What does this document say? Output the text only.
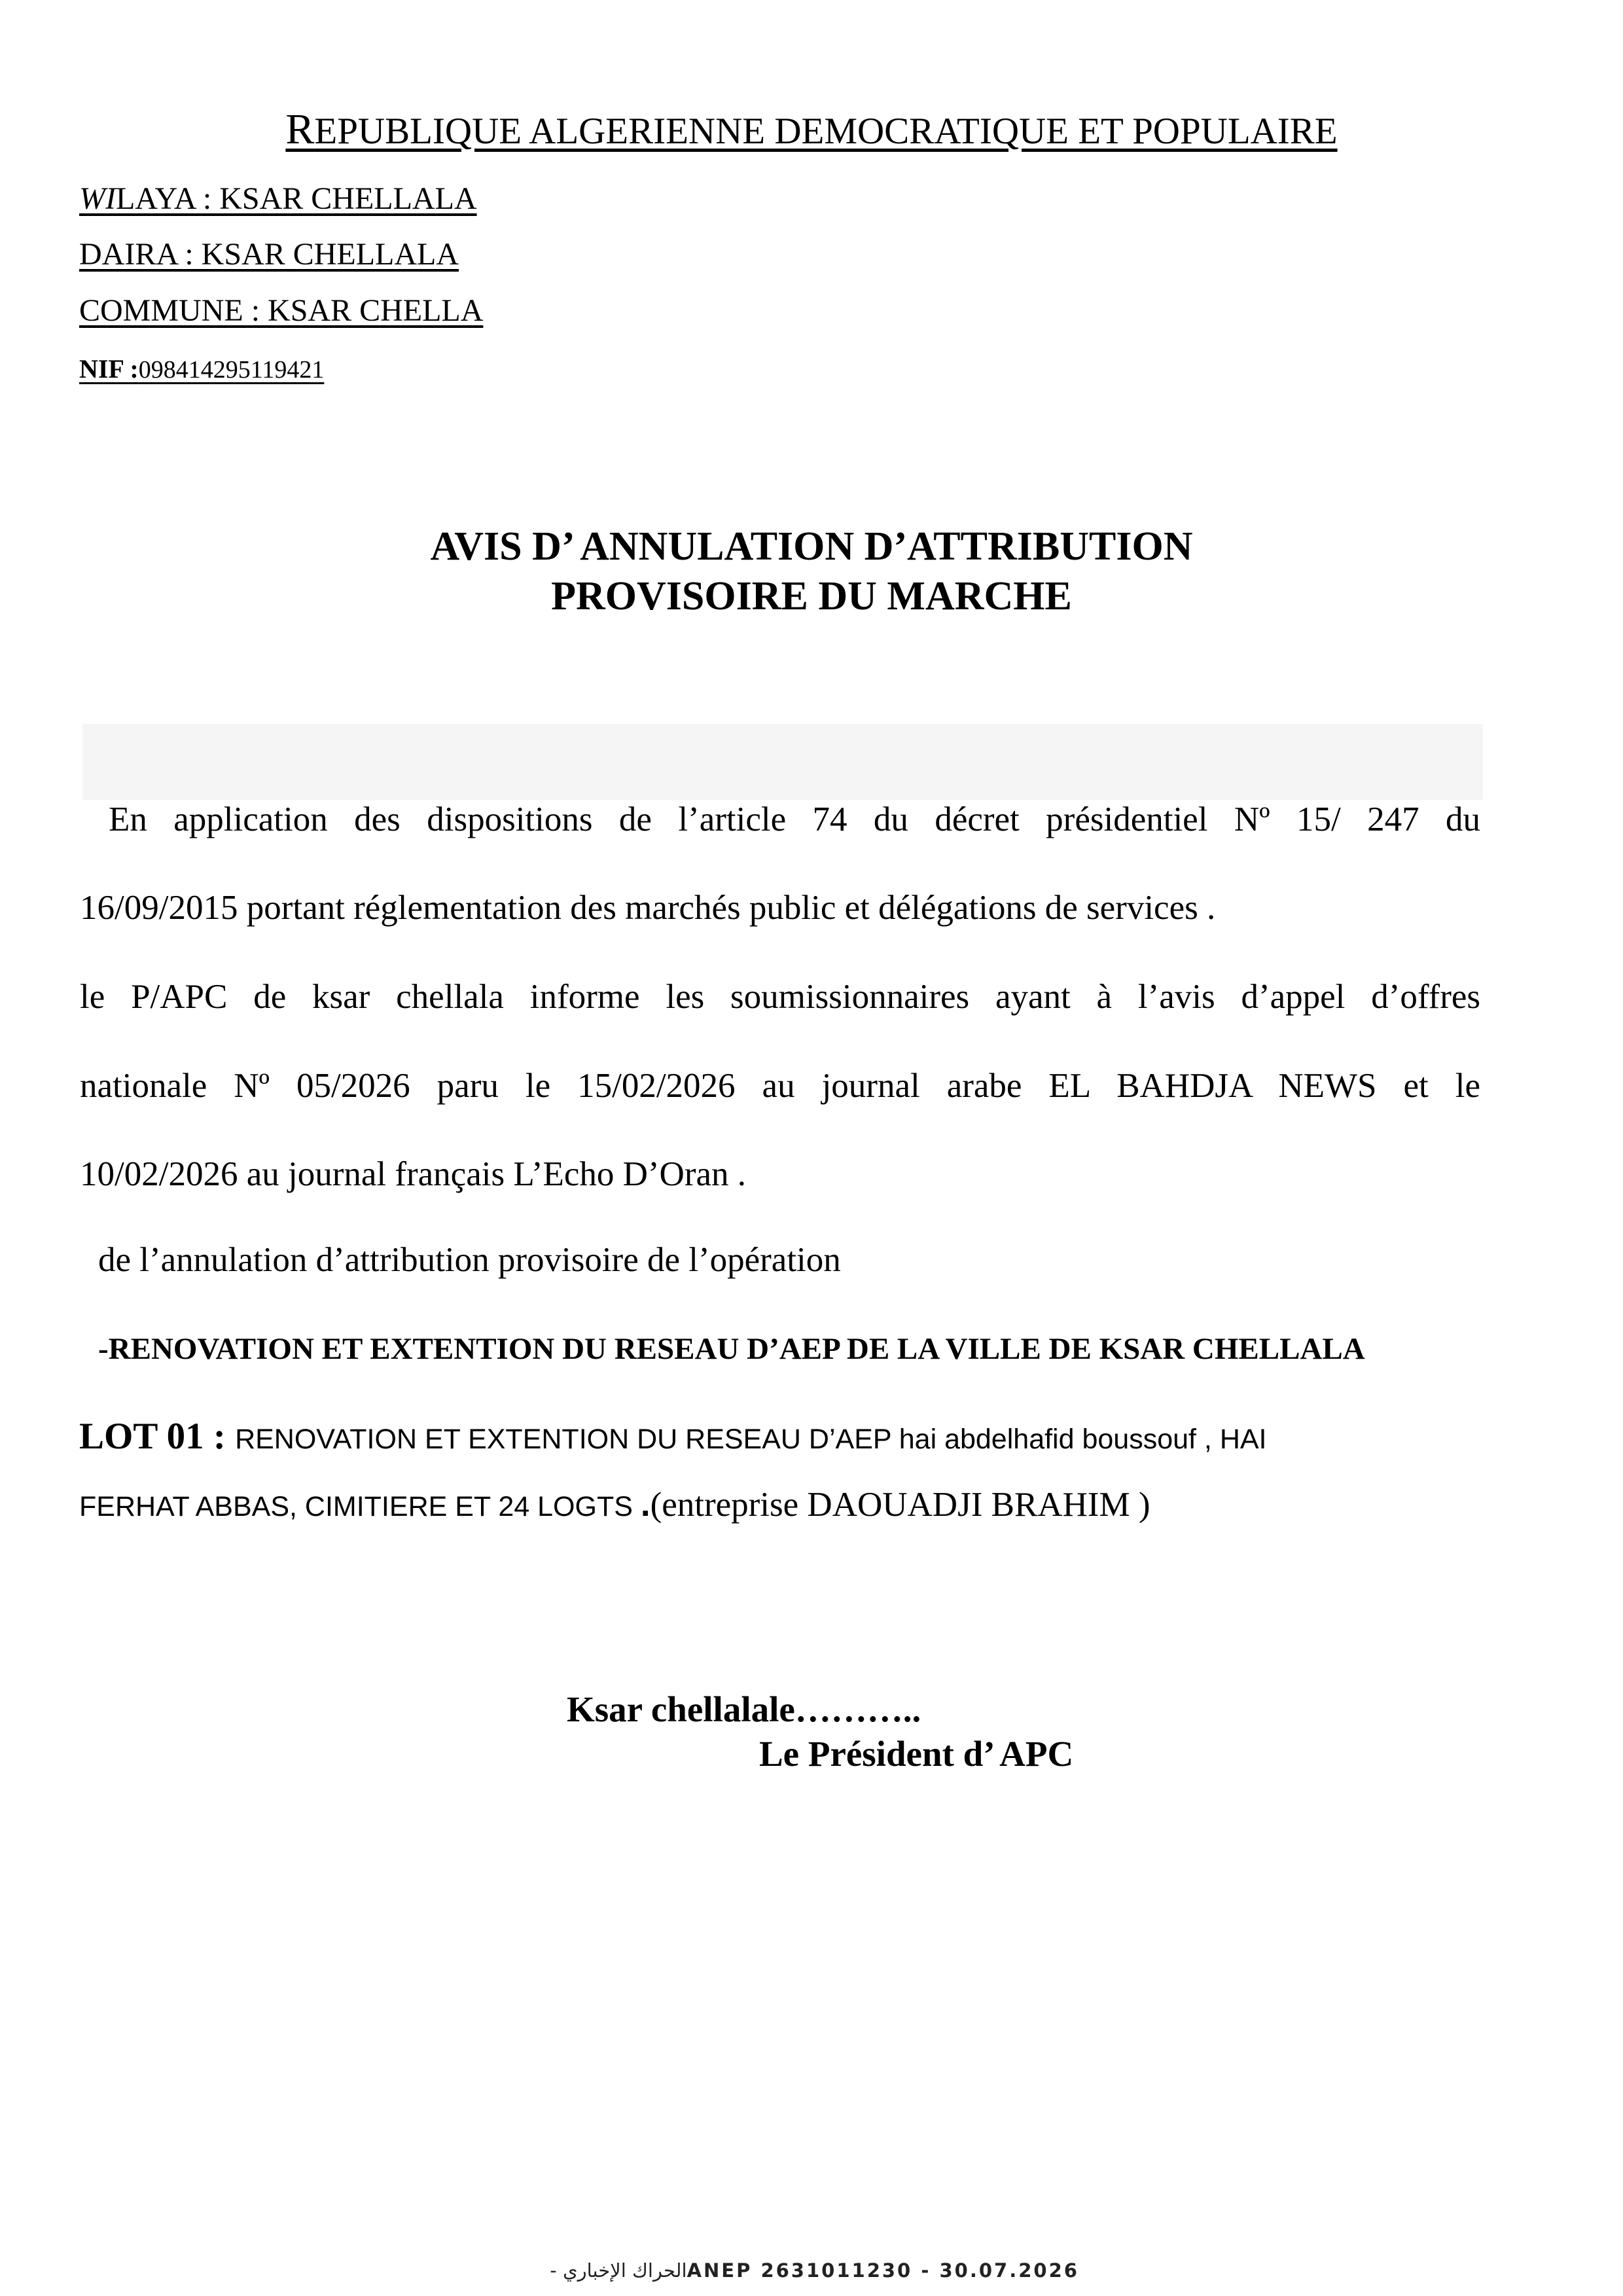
REPUBLIQUE ALGERIENNE DEMOCRATIQUE ET POPULAIRE
WILAYA : KSAR CHELLALA
DAIRA : KSAR CHELLALA
COMMUNE : KSAR CHELLA
NIF :098414295119421
AVIS D’ ANNULATION D’ATTRIBUTION
PROVISOIRE DU MARCHE
En application des dispositions de l’article 74 du décret présidentiel Nº 15/ 247 du
16/09/2015 portant réglementation des marchés public et délégations de services .
le P/APC de ksar chellala informe les soumissionnaires ayant à l’avis d’appel d’offres
nationale Nº 05/2026 paru le 15/02/2026 au journal arabe EL BAHDJA NEWS et le
10/02/2026 au journal français L’Echo D’Oran .
de l’annulation d’attribution provisoire de l’opération
-RENOVATION ET EXTENTION DU RESEAU D’AEP DE LA VILLE DE KSAR CHELLALA
LOT 01 : RENOVATION ET EXTENTION DU RESEAU D’AEP hai abdelhafid boussouf , HAI
FERHAT ABBAS, CIMITIERE ET 24 LOGTS .(entreprise DAOUADJI BRAHIM )
Ksar chellalale………..
Le Président d’ APC
الحراك الإخباري - ANEP 2631011230 - 30.07.2026
